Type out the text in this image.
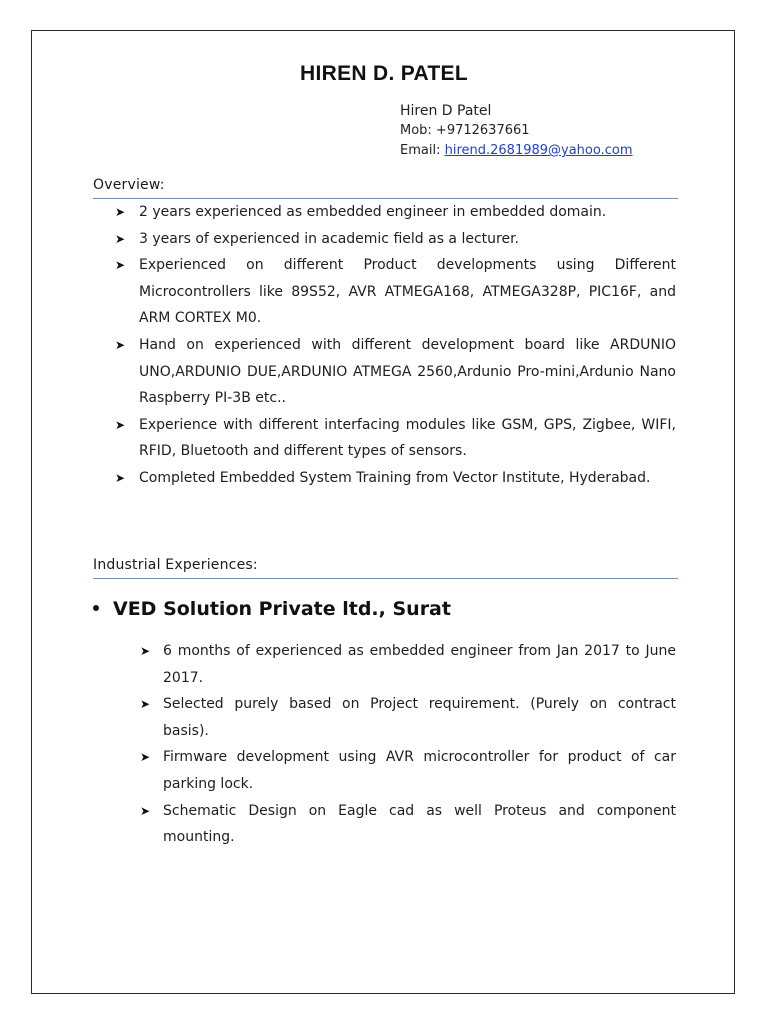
HIREN D. PATEL
Hiren D Patel
Mob: +9712637661
Email: hirend.2681989@yahoo.com
Overview:
➤ 2 years experienced as embedded engineer in embedded domain.
➤ 3 years of experienced in academic field as a lecturer.
➤ Experienced on different Product developments using Different Microcontrollers like 89S52, AVR ATMEGA168, ATMEGA328P, PIC16F, and ARM CORTEX M0.
➤ Hand on experienced with different development board like ARDUNIO UNO,ARDUNIO DUE,ARDUNIO ATMEGA 2560,Ardunio Pro-mini,Ardunio Nano Raspberry PI-3B etc..
➤ Experience with different interfacing modules like GSM, GPS, Zigbee, WIFI, RFID, Bluetooth and different types of sensors.
➤ Completed Embedded System Training from Vector Institute, Hyderabad.
Industrial Experiences:
VED Solution Private ltd., Surat
➤ 6 months of experienced as embedded engineer from Jan 2017 to June 2017.
➤ Selected purely based on Project requirement. (Purely on contract basis).
➤ Firmware development using AVR microcontroller for product of car parking lock.
➤ Schematic Design on Eagle cad as well Proteus and component mounting.
